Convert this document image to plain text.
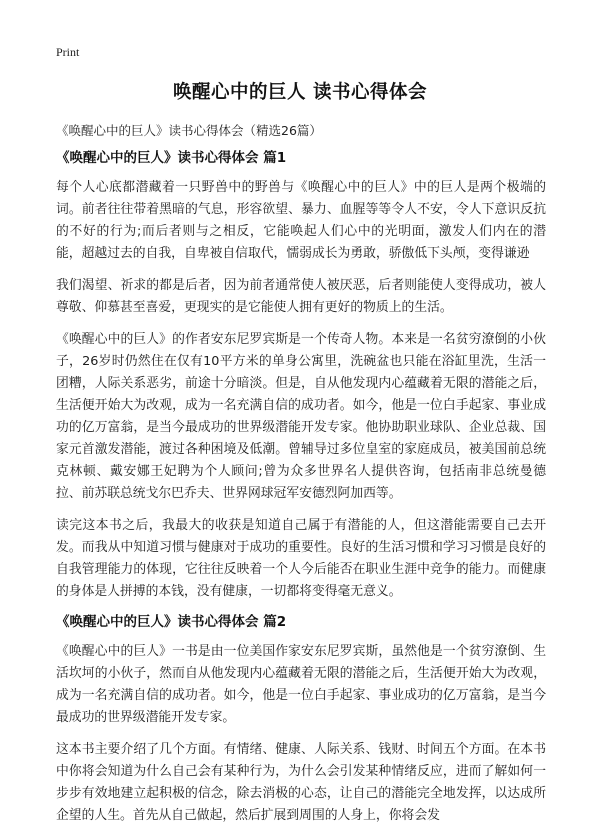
Print
唤醒心中的巨人 读书心得体会
《唤醒心中的巨人》读书心得体会（精选26篇）
《唤醒心中的巨人》读书心得体会 篇1

每个人心底都潜藏着一只野兽中的野兽与《唤醒心中的巨人》中的巨人是两个极端的词。前者往往带着黑暗的气息，形容欲望、暴力、血腥等等令人不安，令人下意识反抗的不好的行为;而后者则与之相反，它能唤起人们心中的光明面，激发人们内在的潜能，超越过去的自我，自卑被自信取代，懦弱成长为勇敢，骄傲低下头颅，变得谦逊

我们渴望、祈求的都是后者，因为前者通常使人被厌恶，后者则能使人变得成功，被人尊敬、仰慕甚至喜爱，更现实的是它能使人拥有更好的物质上的生活。

《唤醒心中的巨人》的作者安东尼罗宾斯是一个传奇人物。本来是一名贫穷潦倒的小伙子，26岁时仍然住在仅有10平方米的单身公寓里，洗碗盆也只能在浴缸里洗，生活一团糟，人际关系恶劣，前途十分暗淡。但是，自从他发现内心蕴藏着无限的潜能之后，生活便开始大为改观，成为一名充满自信的成功者。如今，他是一位白手起家、事业成功的亿万富翁，是当今最成功的世界级潜能开发专家。他协助职业球队、企业总裁、国家元首激发潜能，渡过各种困境及低潮。曾辅导过多位皇室的家庭成员，被美国前总统克林顿、戴安娜王妃聘为个人顾问;曾为众多世界名人提供咨询，包括南非总统曼德拉、前苏联总统戈尔巴乔夫、世界网球冠军安德烈阿加西等。

读完这本书之后，我最大的收获是知道自己属于有潜能的人，但这潜能需要自己去开发。而我从中知道习惯与健康对于成功的重要性。良好的生活习惯和学习习惯是良好的自我管理能力的体现，它往往反映着一个人今后能否在职业生涯中竞争的能力。而健康的身体是人拼搏的本钱，没有健康，一切都将变得毫无意义。

《唤醒心中的巨人》读书心得体会 篇2

《唤醒心中的巨人》一书是由一位美国作家安东尼罗宾斯，虽然他是一个贫穷潦倒、生活坎坷的小伙子，然而自从他发现内心蕴藏着无限的潜能之后，生活便开始大为改观，成为一名充满自信的成功者。如今，他是一位白手起家、事业成功的亿万富翁，是当今最成功的世界级潜能开发专家。

这本书主要介绍了几个方面。有情绪、健康、人际关系、钱财、时间五个方面。在本书中你将会知道为什么自己会有某种行为，为什么会引发某种情绪反应，进而了解如何一步步有效地建立起积极的信念，除去消极的心态，让自己的潜能完全地发挥，以达成所企望的人生。首先从自己做起，然后扩展到周围的人身上，你将会发
